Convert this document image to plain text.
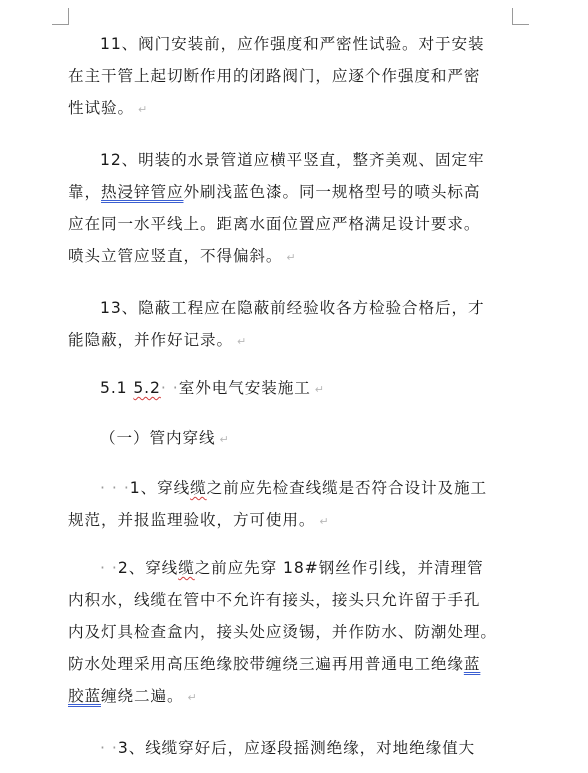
11、阀门安装前，应作强度和严密性试验。对于安装
在主干管上起切断作用的闭路阀门，应逐个作强度和严密
性试验。 ↵
12、明装的水景管道应横平竖直，整齐美观、固定牢
靠，热浸锌管应外刷浅蓝色漆。同一规格型号的喷头标高
应在同一水平线上。距离水面位置应严格满足设计要求。
喷头立管应竖直，不得偏斜。 ↵
13、隐蔽工程应在隐蔽前经验收各方检验合格后，才
能隐蔽，并作好记录。 ↵
5.1 5.2· ·室外电气安装施工 ↵
（一）管内穿线 ↵
· · ·1、穿线缆之前应先检查线缆是否符合设计及施工
规范，并报监理验收，方可使用。 ↵
· ·2、穿线缆之前应先穿 18#钢丝作引线，并清理管
内积水，线缆在管中不允许有接头，接头只允许留于手孔
内及灯具检查盒内，接头处应烫锡，并作防水、防潮处理。
防水处理采用高压绝缘胶带缠绕三遍再用普通电工绝缘蓝
胶蓝缠绕二遍。 ↵
· ·3、线缆穿好后，应逐段摇测绝缘，对地绝缘值大
